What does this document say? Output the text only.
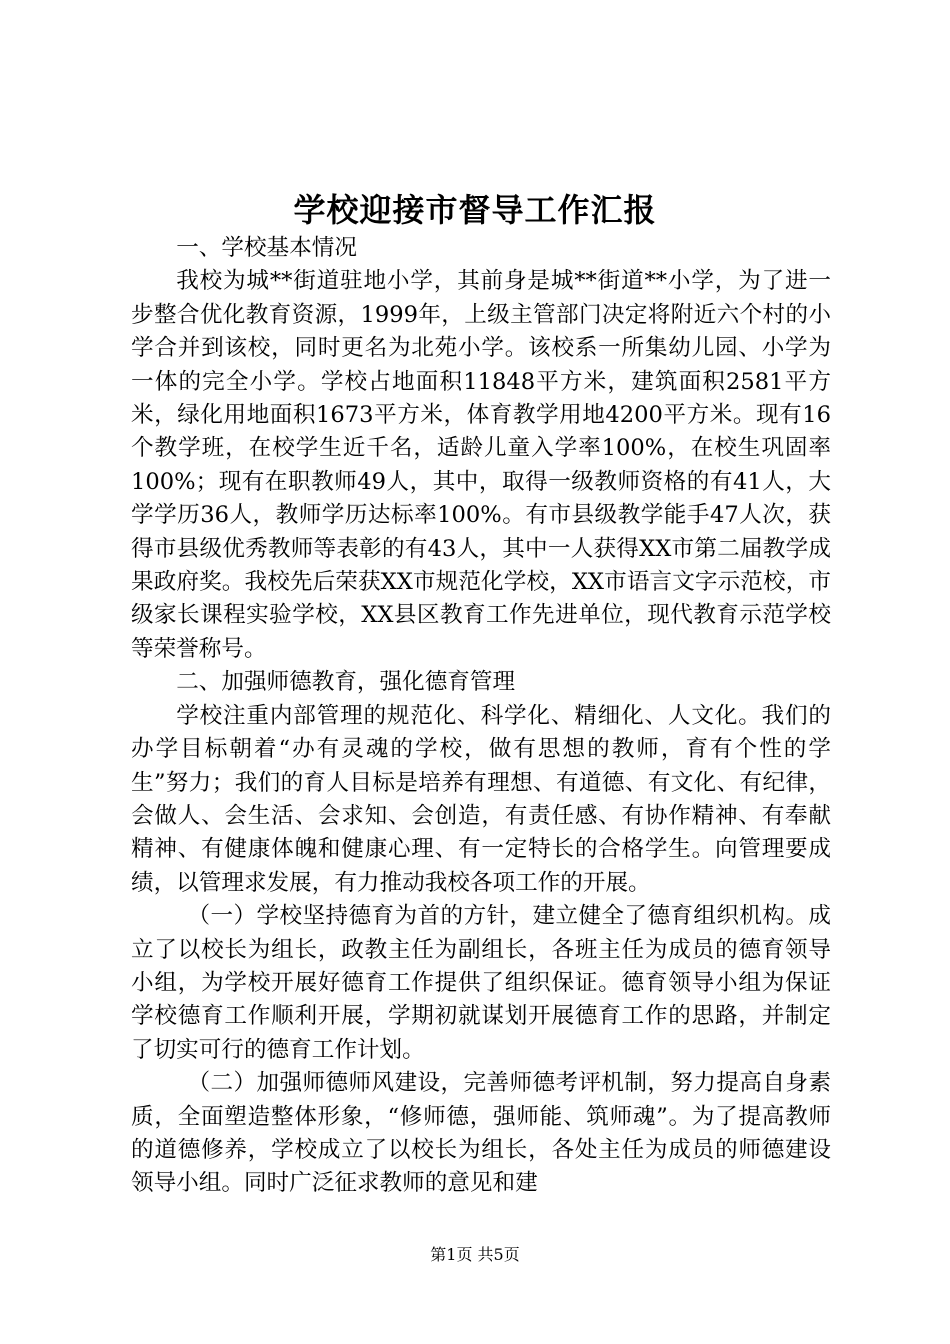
学校迎接市督导工作汇报

一、学校基本情况

我校为城**街道驻地小学，其前身是城**街道**小学，为了进一步整合优化教育资源，1999年，上级主管部门决定将附近六个村的小学合并到该校，同时更名为北苑小学。该校系一所集幼儿园、小学为一体的完全小学。学校占地面积11848平方米，建筑面积2581平方米，绿化用地面积1673平方米，体育教学用地4200平方米。现有16个教学班，在校学生近千名，适龄儿童入学率100%，在校生巩固率100%；现有在职教师49人，其中，取得一级教师资格的有41人，大学学历36人，教师学历达标率100%。有市县级教学能手47人次，获得市县级优秀教师等表彰的有43人，其中一人获得XX市第二届教学成果政府奖。我校先后荣获XX市规范化学校，XX市语言文字示范校，市级家长课程实验学校，XX县区教育工作先进单位，现代教育示范学校等荣誉称号。

二、加强师德教育，强化德育管理

学校注重内部管理的规范化、科学化、精细化、人文化。我们的办学目标朝着“办有灵魂的学校，做有思想的教师，育有个性的学生”努力；我们的育人目标是培养有理想、有道德、有文化、有纪律，会做人、会生活、会求知、会创造，有责任感、有协作精神、有奉献精神、有健康体魄和健康心理、有一定特长的合格学生。向管理要成绩，以管理求发展，有力推动我校各项工作的开展。

（一）学校坚持德育为首的方针，建立健全了德育组织机构。成立了以校长为组长，政教主任为副组长，各班主任为成员的德育领导小组，为学校开展好德育工作提供了组织保证。德育领导小组为保证学校德育工作顺利开展，学期初就谋划开展德育工作的思路，并制定了切实可行的德育工作计划。

（二）加强师德师风建设，完善师德考评机制，努力提高自身素质，全面塑造整体形象，“修师德，强师能、筑师魂”。为了提高教师的道德修养，学校成立了以校长为组长，各处主任为成员的师德建设领导小组。同时广泛征求教师的意见和建

第1页 共5页
